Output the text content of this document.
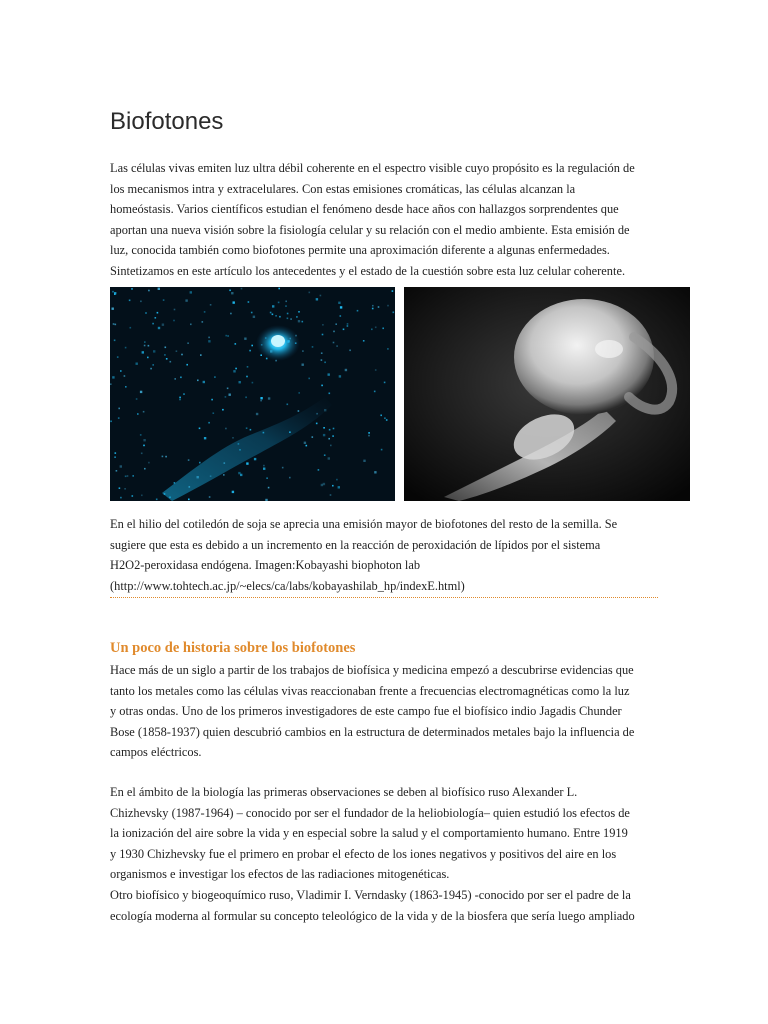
Biofotones
Las células vivas emiten luz ultra débil coherente en el espectro visible cuyo propósito es la regulación de
los mecanismos intra y extracelulares. Con estas emisiones cromáticas, las células alcanzan la
homeóstasis. Varios científicos estudian el fenómeno desde hace años con hallazgos sorprendentes que
aportan una nueva visión sobre la fisiología celular y su relación con el medio ambiente. Esta emisión de
luz, conocida también como biofotones permite una aproximación diferente a algunas enfermedades.
Sintetizamos en este artículo los antecedentes y el estado de la cuestión sobre esta luz celular coherente.
En el hilio del cotiledón de soja se aprecia una emisión mayor de biofotones del resto de la semilla. Se
sugiere que esta es debido a un incremento en la reacción de peroxidación de lípidos por el sistema
H2O2-peroxidasa endógena. Imagen:Kobayashi biophoton lab
(http://www.tohtech.ac.jp/~elecs/ca/labs/kobayashilab_hp/indexE.html)
Un poco de historia sobre los biofotones
Hace más de un siglo a partir de los trabajos de biofísica y medicina empezó a descubrirse evidencias que
tanto los metales como las células vivas reaccionaban frente a frecuencias electromagnéticas como la luz
y otras ondas. Uno de los primeros investigadores de este campo fue el biofísico indio Jagadis Chunder
Bose (1858-1937) quien descubrió cambios en la estructura de determinados metales bajo la influencia de
campos eléctricos.
En el ámbito de la biología las primeras observaciones se deben al biofísico ruso Alexander L.
Chizhevsky (1987-1964) – conocido por ser el fundador de la heliobiología– quien estudió los efectos de
la ionización del aire sobre la vida y en especial sobre la salud y el comportamiento humano. Entre 1919
y 1930 Chizhevsky fue el primero en probar el efecto de los iones negativos y positivos del aire en los
organismos e investigar los efectos de las radiaciones mitogenéticas.
Otro biofísico y biogeoquímico ruso, Vladimir I. Verndasky (1863-1945) -conocido por ser el padre de la
ecología moderna al formular su concepto teleológico de la vida y de la biosfera que sería luego ampliado
